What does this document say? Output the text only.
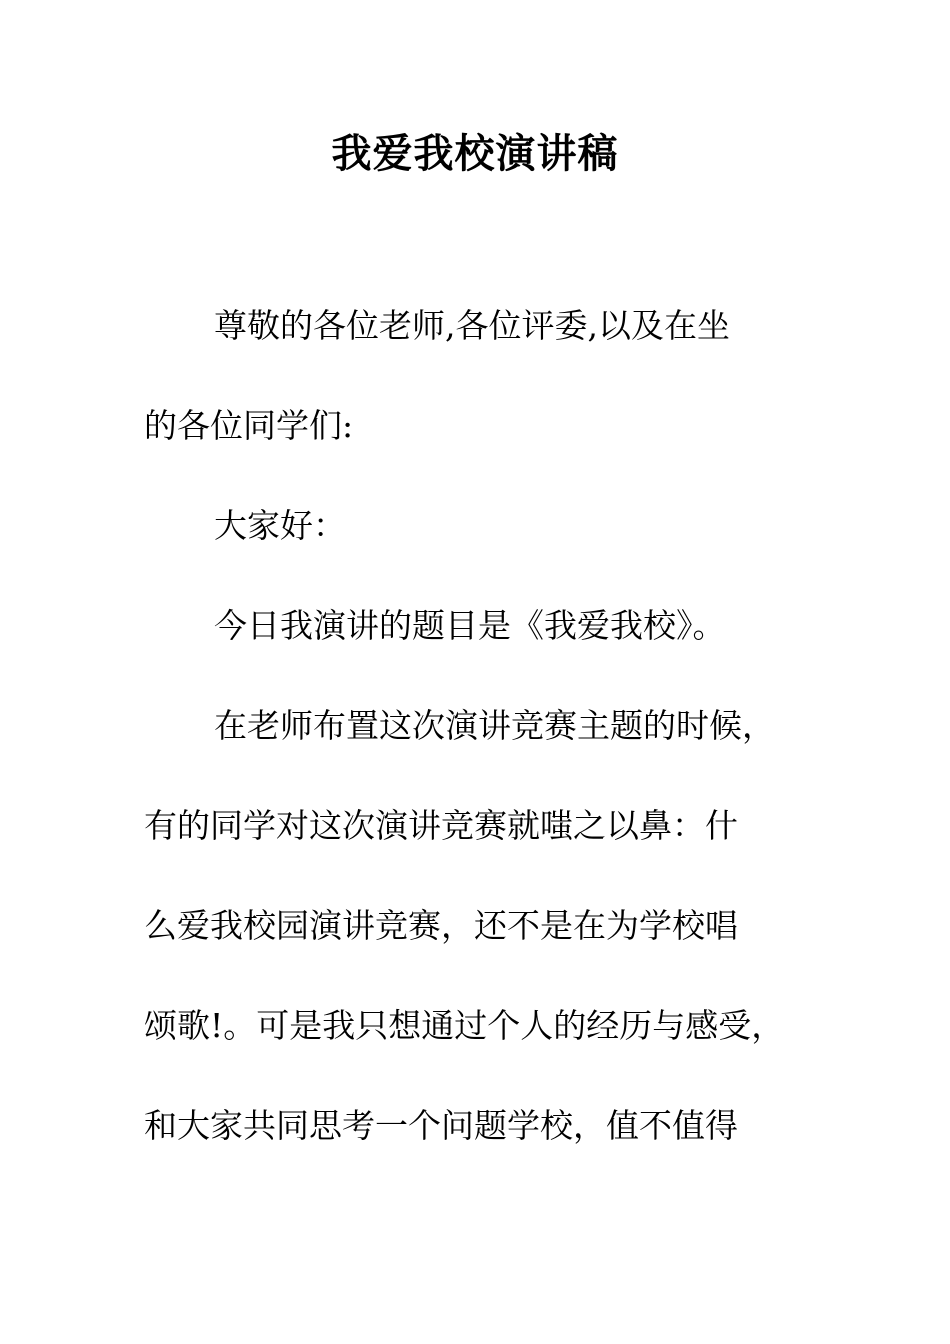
我爱我校演讲稿
尊敬的各位老师,各位评委,以及在坐
的各位同学们:
大家好：
今日我演讲的题目是《我爱我校》。
在老师布置这次演讲竞赛主题的时候，
有的同学对这次演讲竞赛就嗤之以鼻：什
么爱我校园演讲竞赛，还不是在为学校唱
颂歌!。可是我只想通过个人的经历与感受，
和大家共同思考一个问题学校，值不值得
